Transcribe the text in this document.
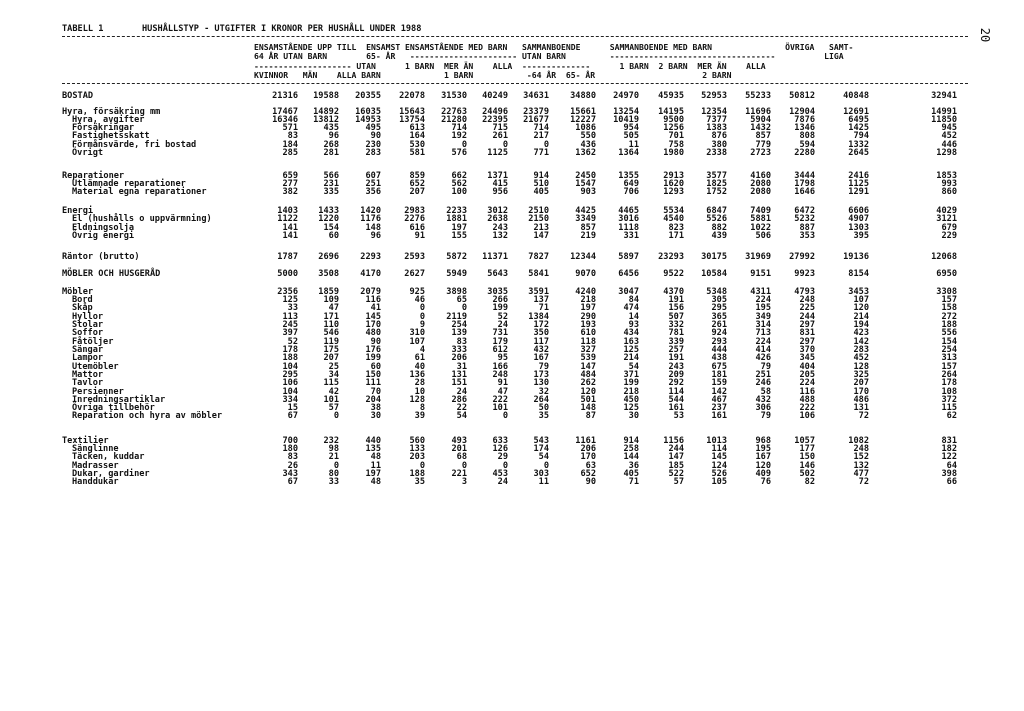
TABELL 1	HUSHÅLLSTYP - UTGIFTER I KRONOR PER HUSHÅLL UNDER 1988	20
ENSAMSTÅENDE UPP TILL  ENSAMST ENSAMSTÅENDE MED BARN   SAMMANBOENDE      SAMMANBOENDE MED BARN               ÖVRIGA   SAMT-
64 ÅR UTAN BARN        65- ÅR   ---------------------- UTAN BARN         ----------------------------------          LIGA
-------------------- UTAN      1 BARN  MER ÄN    ALLA  --------------      1 BARN  2 BARN  MER ÄN    ALLA
KVINNOR   MÄN    ALLA BARN             1 BARN           -64 ÅR  65- ÅR                      2 BARN
BOSTAD	21316	19588	20355	22078	31530	40249	34631	34880	24970	45935	52953	55233	50812	40848	32941
Hyra, försäkring mm	17467	14892	16035	15643	22763	24496	23379	15661	13254	14195	12354	11696	12904	12691	14991
Hyra, avgifter	16346	13812	14953	13754	21280	22395	21677	12227	10419	9500	7377	5904	7876	6495	11850
Försäkringar	571	435	495	613	714	715	714	1086	954	1256	1383	1432	1346	1425	945
Fastighetsskatt	83	96	90	164	192	261	217	550	505	701	876	857	808	794	452
Förmånsvärde, fri bostad	184	268	230	530	0	0	0	436	11	758	380	779	594	1332	446
Övrigt	285	281	283	581	576	1125	771	1362	1364	1980	2338	2723	2280	2645	1298
Reparationer	659	566	607	859	662	1371	914	2450	1355	2913	3577	4160	3444	2416	1853
Utlämnade reparationer	277	231	251	652	562	415	510	1547	649	1620	1825	2080	1798	1125	993
Material egna reparationer	382	335	356	207	100	956	405	903	706	1293	1752	2080	1646	1291	860
Energi	1403	1433	1420	2983	2233	3012	2510	4425	4465	5534	6847	7409	6472	6606	4029
El (hushålls o uppvärmning)	1122	1220	1176	2276	1881	2638	2150	3349	3016	4540	5526	5881	5232	4907	3121
Eldningsolja	141	154	148	616	197	243	213	857	1118	823	882	1022	887	1303	679
Övrig energi	141	60	96	91	155	132	147	219	331	171	439	506	353	395	229
Räntor (brutto)	1787	2696	2293	2593	5872	11371	7827	12344	5897	23293	30175	31969	27992	19136	12068
MÖBLER OCH HUSGERÅD	5000	3508	4170	2627	5949	5643	5841	9070	6456	9522	10584	9151	9923	8154	6950
Möbler	2356	1859	2079	925	3898	3035	3591	4240	3047	4370	5348	4311	4793	3453	3308
Bord	125	109	116	46	65	266	137	218	84	191	305	224	248	107	157
Skåp	33	47	41	0	0	199	71	197	474	156	295	195	225	120	158
Hyllor	113	171	145	0	2119	52	1384	290	14	507	365	349	244	214	272
Stolar	245	110	170	9	254	24	172	193	93	332	261	314	297	194	188
Soffor	397	546	480	310	139	731	350	610	434	781	924	713	831	423	556
Fåtöljer	52	119	90	107	83	179	117	118	163	339	293	224	297	142	154
Sängar	178	175	176	4	333	612	432	327	125	257	444	414	370	283	254
Lampor	188	207	199	61	206	95	167	539	214	191	438	426	345	452	313
Utemöbler	104	25	60	40	31	166	79	147	54	243	675	79	404	128	157
Mattor	295	34	150	136	131	248	173	484	371	209	181	251	205	325	264
Tavlor	106	115	111	28	151	91	130	262	199	292	159	246	224	207	178
Persienner	104	42	70	10	24	47	32	120	218	114	142	58	116	170	108
Inredningsartiklar	334	101	204	128	286	222	264	501	450	544	467	432	488	486	372
Övriga tillbehör	15	57	38	8	22	101	50	148	125	161	237	306	222	131	115
Reparation och hyra av möbler	67	0	30	39	54	0	35	87	30	53	161	79	106	72	62
Textilier	700	232	440	560	493	633	543	1161	914	1156	1013	968	1057	1082	831
Sänglinne	180	98	135	133	201	126	174	206	258	244	114	195	177	248	182
Täcken, kuddar	83	21	48	203	68	29	54	170	144	147	145	167	150	152	122
Madrasser	26	0	11	0	0	0	0	63	36	185	124	120	146	132	64
Dukar, gardiner	343	80	197	188	221	453	303	652	405	522	526	409	502	477	398
Handdukar	67	33	48	35	3	24	11	90	71	57	105	76	82	72	66
